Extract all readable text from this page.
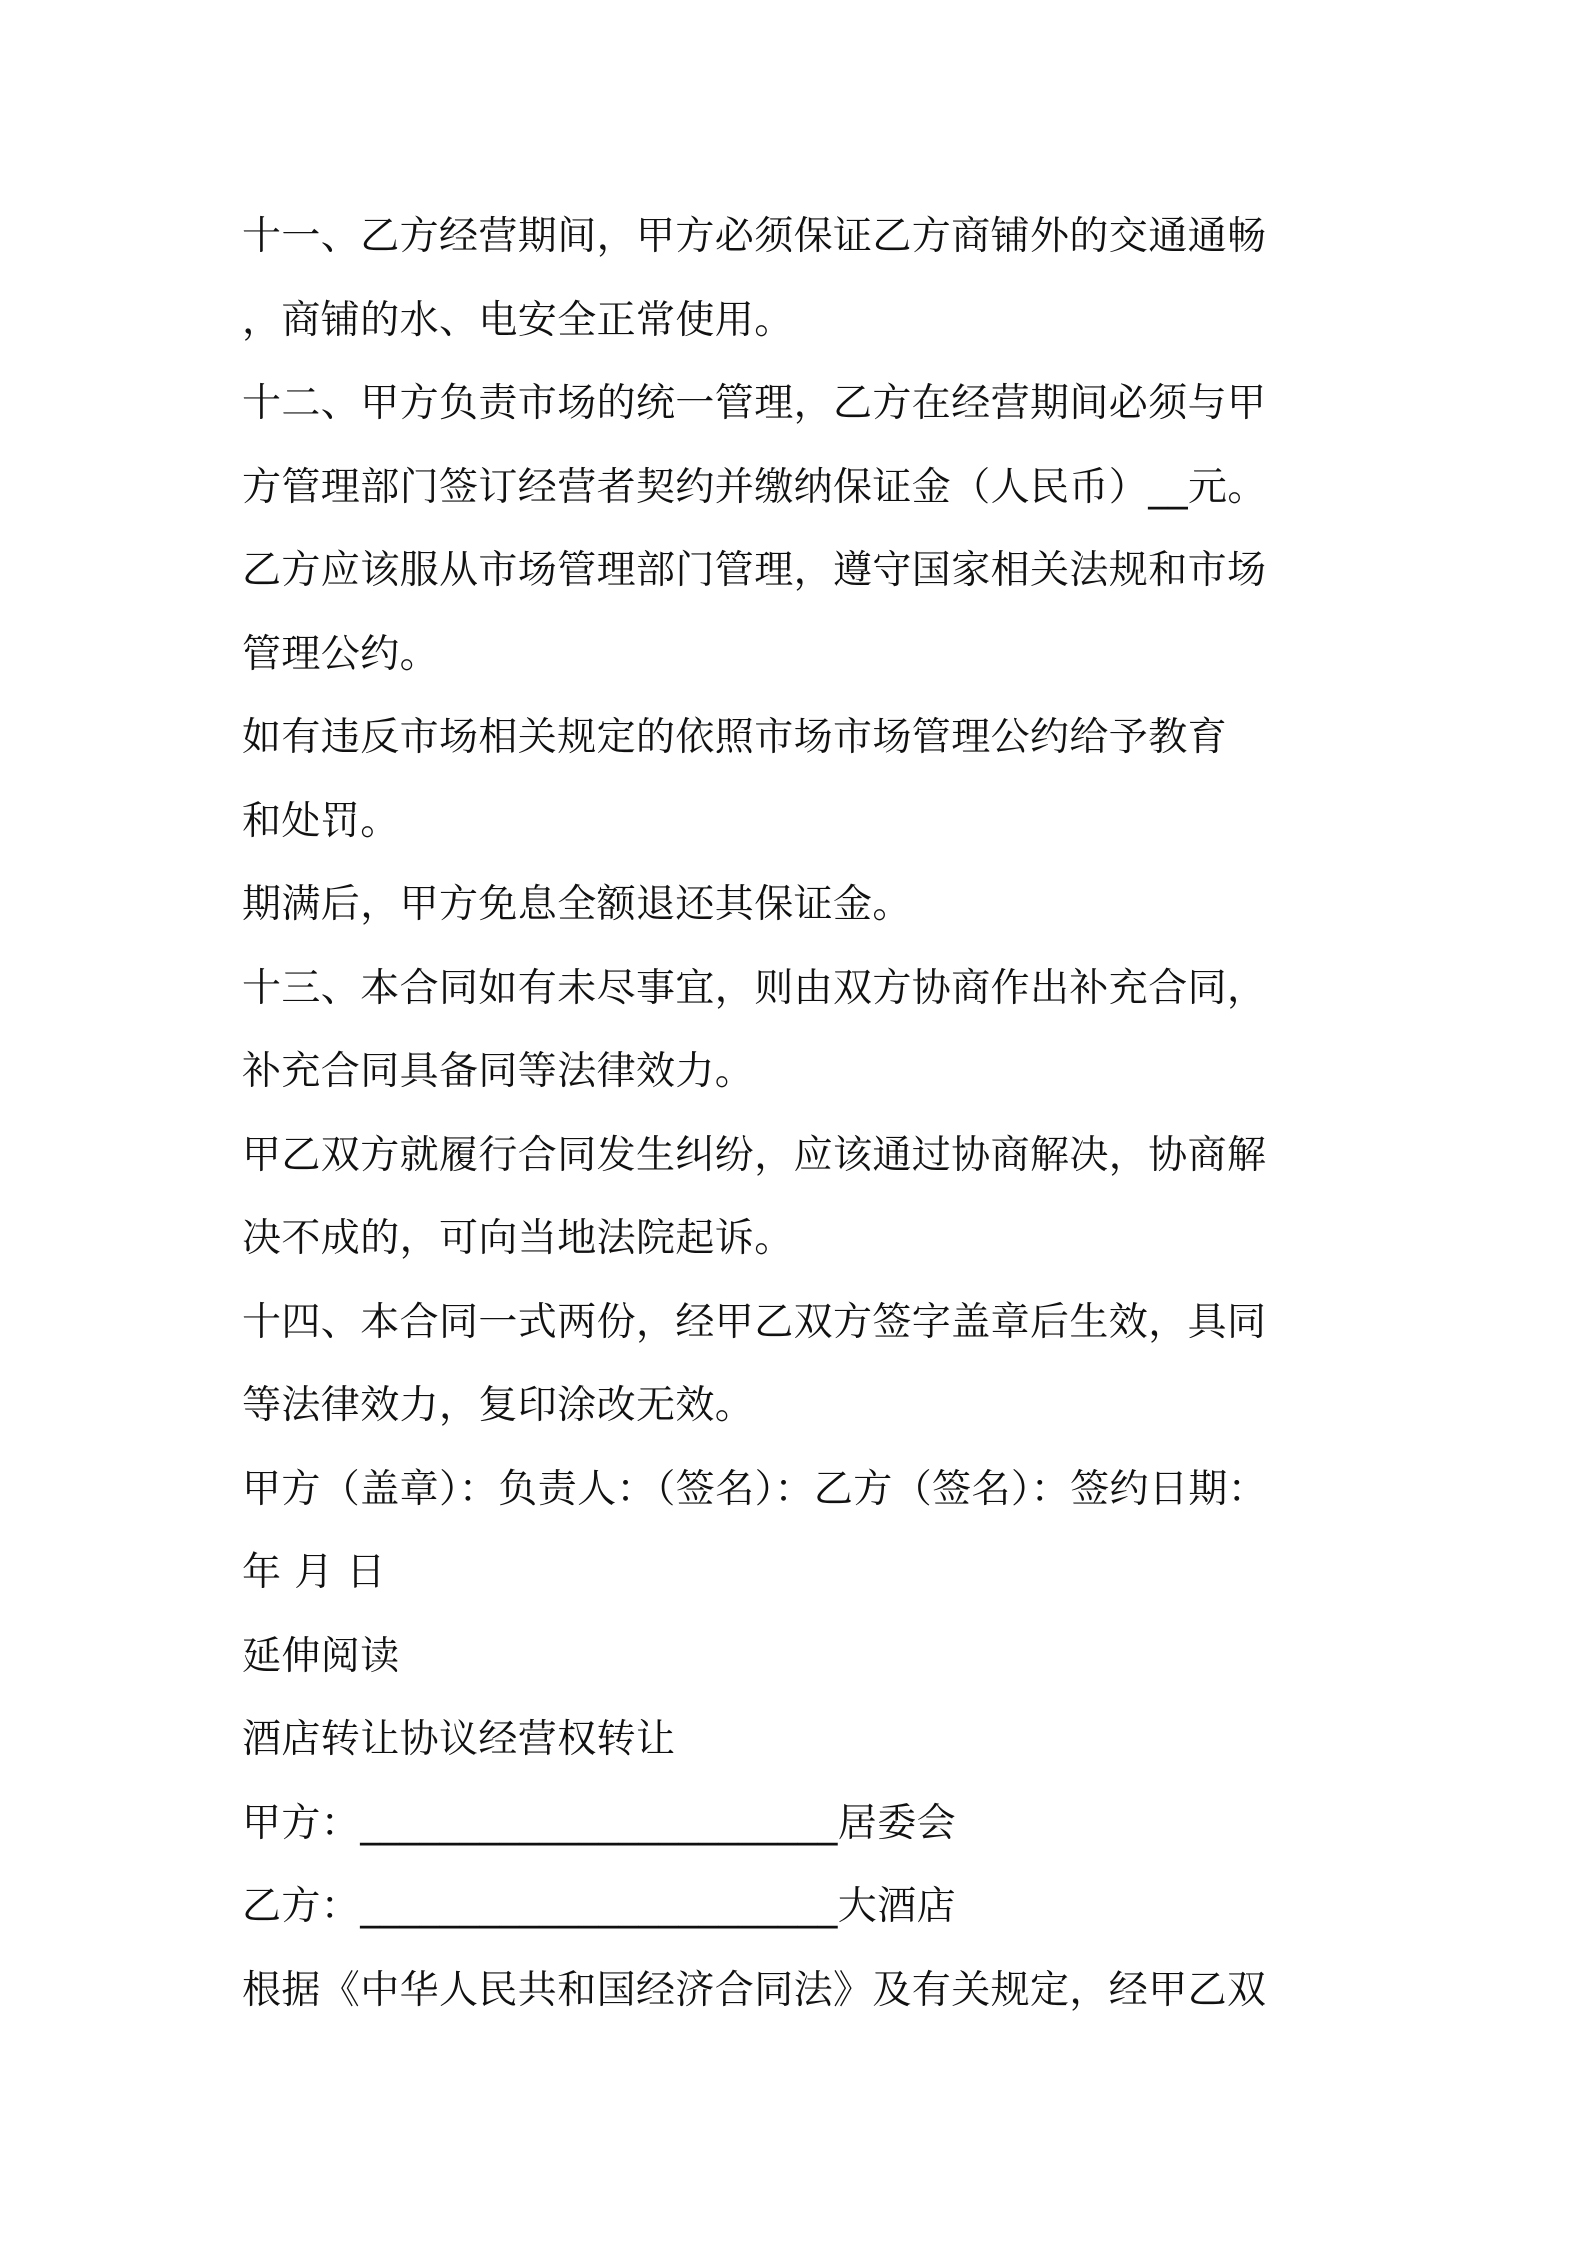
十一、乙方经营期间，甲方必须保证乙方商铺外的交通通畅
，商铺的水、电安全正常使用。
十二、甲方负责市场的统一管理，乙方在经营期间必须与甲
方管理部门签订经营者契约并缴纳保证金（人民币）__元。
乙方应该服从市场管理部门管理，遵守国家相关法规和市场
管理公约。
如有违反市场相关规定的依照市场市场管理公约给予教育
和处罚。
期满后，甲方免息全额退还其保证金。
十三、本合同如有未尽事宜，则由双方协商作出补充合同，
补充合同具备同等法律效力。
甲乙双方就履行合同发生纠纷，应该通过协商解决，协商解
决不成的，可向当地法院起诉。
十四、本合同一式两份，经甲乙双方签字盖章后生效，具同
等法律效力，复印涂改无效。
甲方（盖章）：负责人：（签名）：乙方（签名）：签约日期：
年 月 日
延伸阅读
酒店转让协议经营权转让
甲方：________________________居委会
乙方：________________________大酒店
根据《中华人民共和国经济合同法》及有关规定，经甲乙双
